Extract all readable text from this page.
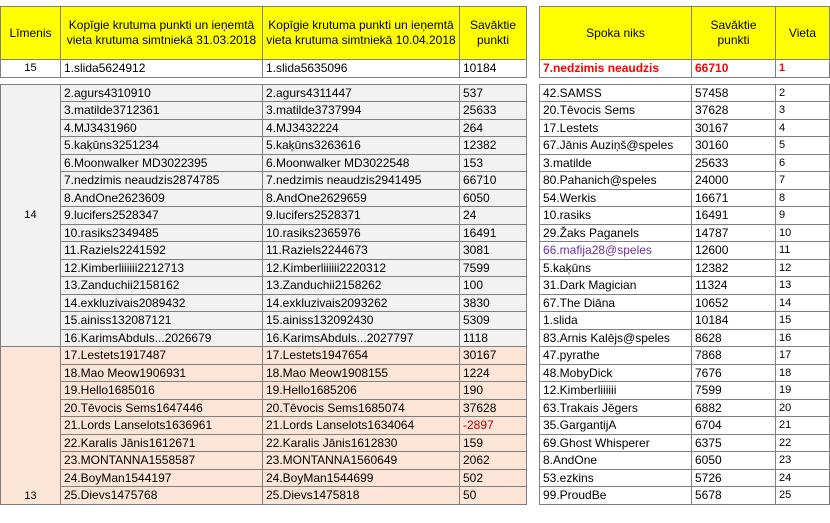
Līmenis	Kopīgie krutuma punkti un ieņemtā vieta krutuma simtniekā 31.03.2018	Kopīgie krutuma punkti un ieņemtā vieta krutuma simtniekā 10.04.2018	Savāktie punkti
15	1.slida5624912	1.slida5635096	10184

14	2.agurs4310910	2.agurs4311447	537
	3.matilde3712361	3.matilde3737994	25633
	4.MJ3431960	4.MJ3432224	264
	5.kaķūns3251234	5.kaķūns3263616	12382
	6.Moonwalker MD3022395	6.Moonwalker MD3022548	153
	7.nedzimis neaudzis2874785	7.nedzimis neaudzis2941495	66710
	8.AndOne2623609	8.AndOne2629659	6050
	9.lucifers2528347	9.lucifers2528371	24
	10.rasiks2349485	10.rasiks2365976	16491
	11.Raziels2241592	11.Raziels2244673	3081
	12.Kimberliiiiii2212713	12.Kimberliiiiii2220312	7599
	13.Zanduchii2158162	13.Zanduchii2158262	100
	14.exkluzivais2089432	14.exkluzivais2093262	3830
	15.ainiss132087121	15.ainiss132092430	5309
	16.KarimsAbduls...2026679	16.KarimsAbduls...2027797	1118
13	17.Lestets1917487	17.Lestets1947654	30167
	18.Mao Meow1906931	18.Mao Meow1908155	1224
	19.Hello1685016	19.Hello1685206	190
	20.Tēvocis Sems1647446	20.Tēvocis Sems1685074	37628
	21.Lords Lanselots1636961	21.Lords Lanselots1634064	-2897
	22.Karalis Jānis1612671	22.Karalis Jānis1612830	159
	23.MONTANNA1558587	23.MONTANNA1560649	2062
	24.BoyMan1544197	24.BoyMan1544699	502
	25.Dievs1475768	25.Dievs1475818	50
Spoka niks	Savāktie punkti	Vieta
7.nedzimis neaudzis	66710	1

42.SAMSS	57458	2
20.Tēvocis Sems	37628	3
17.Lestets	30167	4
67.Jānis Auziņš@speles	30160	5
3.matilde	25633	6
80.Pahanich@speles	24000	7
54.Werkis	16671	8
10.rasiks	16491	9
29.Žaks Paganels	14787	10
66.mafija28@speles	12600	11
5.kaķūns	12382	12
31.Dark Magician	11324	13
67.The Diāna	10652	14
1.slida	10184	15
83.Arnis Kalējs@speles	8628	16
47.pyrathe	7868	17
48.MobyDick	7676	18
12.Kimberliiiiii	7599	19
63.Trakais Jēgers	6882	20
35.GargantijA	6704	21
69.Ghost Whisperer	6375	22
8.AndOne	6050	23
53.ezkins	5726	24
99.ProudBe	5678	25
